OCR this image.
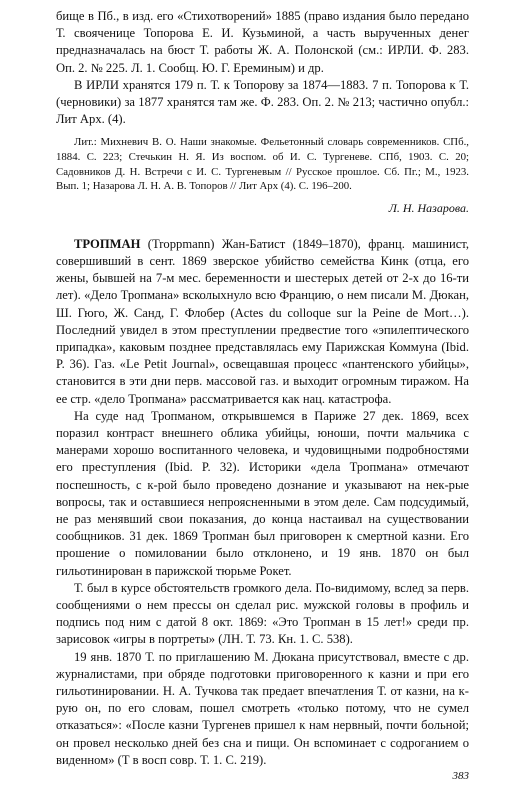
бище в Пб., в изд. его «Стихотворений» 1885 (право издания было передано Т. свояченице Топорова Е. И. Кузьминой, а часть вырученных денег предназначалась на бюст Т. работы Ж. А. Полонской (см.: ИРЛИ. Ф. 283. Оп. 2. № 225. Л. 1. Сообщ. Ю. Г. Ереминым) и др.

В ИРЛИ хранятся 179 п. Т. к Топорову за 1874—1883. 7 п. Топорова к Т. (черновики) за 1877 хранятся там же. Ф. 283. Оп. 2. № 213; частично опубл.: Лит Арх. (4).

Лит.: Михневич В. О. Наши знакомые. Фельетонный словарь современников. СПб., 1884. С. 223; Стечькин Н. Я. Из воспом. об И. С. Тургеневе. СПб, 1903. С. 20; Садовников Д. Н. Встречи с И. С. Тургеневым // Русское прошлое. Сб. Пг.; М., 1923. Вып. 1; Назарова Л. Н. А. В. Топоров // Лит Арх (4). С. 196–200.

Л. Н. Назарова.

ТРОПМАН (Troppmann) Жан-Батист (1849–1870), франц. машинист, совершивший в сент. 1869 зверское убийство семейства Кинк (отца, его жены, бывшей на 7-м мес. беременности и шестерых детей от 2-х до 16-ти лет). «Дело Тропмана» всколыхнуло всю Францию, о нем писали М. Дюкан, Ш. Гюго, Ж. Санд, Г. Флобер (Actes du colloque sur la Peine de Mort…). Последний увидел в этом преступлении предвестие того «эпилептического припадка», каковым позднее представлялась ему Парижская Коммуна (Ibid. P. 36). Газ. «Le Petit Journal», освещавшая процесс «пантенского убийцы», становится в эти дни перв. массовой газ. и выходит огромным тиражом. На ее стр. «дело Тропмана» рассматривается как нац. катастрофа.

На суде над Тропманом, открывшемся в Париже 27 дек. 1869, всех поразил контраст внешнего облика убийцы, юноши, почти мальчика с манерами хорошо воспитанного человека, и чудовищными подробностями его преступления (Ibid. P. 32). Историки «дела Тропмана» отмечают поспешность, с к-рой было проведено дознание и указывают на нек-рые вопросы, так и оставшиеся непроясненными в этом деле. Сам подсудимый, не раз менявший свои показания, до конца настаивал на существовании сообщников. 31 дек. 1869 Тропман был приговорен к смертной казни. Его прошение о помиловании было отклонено, и 19 янв. 1870 он был гильотинирован в парижской тюрьме Рокет.

Т. был в курсе обстоятельств громкого дела. По-видимому, вслед за перв. сообщениями о нем прессы он сделал рис. мужской головы в профиль и подпись под ним с датой 8 окт. 1869: «Это Тропман в 15 лет!» среди пр. зарисовок «игры в портреты» (ЛН. Т. 73. Кн. 1. С. 538).

19 янв. 1870 Т. по приглашению М. Дюкана присутствовал, вместе с др. журналистами, при обряде подготовки приговоренного к казни и при его гильотинировании. Н. А. Тучкова так предает впечатления Т. от казни, на к-рую он, по его словам, пошел смотреть «только потому, что не сумел отказаться»: «После казни Тургенев пришел к нам нервный, почти больной; он провел несколько дней без сна и пищи. Он вспоминает с содроганием о виденном» (Т в восп совр. Т. 1. С. 219).

383
